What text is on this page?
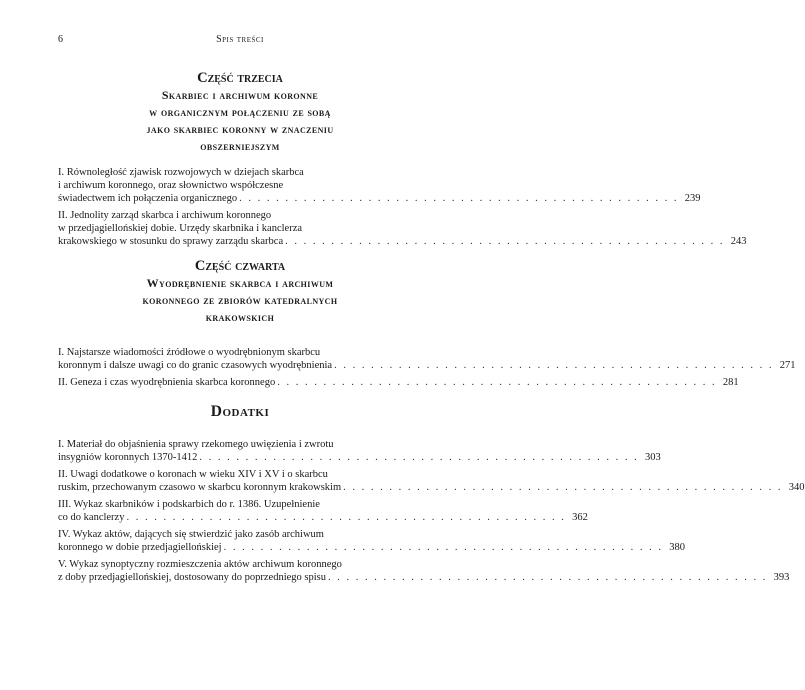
6	Spis treści
Część trzecia
Skarbiec i archiwum koronne
w organicznym połączeniu ze sobą
jako skarbiec koronny w znaczeniu
obszerniejszym
I. Równoległość zjawisk rozwojowych w dziejach skarbca
i archiwum koronnego, oraz słownictwo współczesne
świadectwem ich połączenia organicznego . . . . . . . . . . . . . . . . . . . . . . . . . . . . . . . . . . . . . . . . . . . . . . . . 239
II. Jednolity zarząd skarbca i archiwum koronnego
w przedjagiellońskiej dobie. Urzędy skarbnika i kanclerza
krakowskiego w stosunku do sprawy zarządu skarbca . . . . . . . . . . . . . . . . . . . . . . . . . . . . . . . . . . . . . . . . . . . . . . . . 243
Część czwarta
Wyodrębnienie skarbca i archiwum
koronnego ze zbiorów katedralnych
krakowskich
I. Najstarsze wiadomości źródłowe o wyodrębnionym skarbcu
koronnym i dalsze uwagi co do granic czasowych wyodrębnienia . . . . . . . . . . . . . . . . . . . . . . . . . . . . . . . . . . . . . . . . . . . . . . . . 271
II. Geneza i czas wyodrębnienia skarbca koronnego . . . . . . . . . . . . . . . . . . . . . . . . . . . . . . . . . . . . . . . . . . . . . . . . 281
Dodatki
I. Materiał do objaśnienia sprawy rzekomego uwięzienia i zwrotu
insygniów koronnych 1370-1412 . . . . . . . . . . . . . . . . . . . . . . . . . . . . . . . . . . . . . . . . . . . . . . . . 303
II. Uwagi dodatkowe o koronach w wieku XIV i XV i o skarbcu
ruskim, przechowanym czasowo w skarbcu koronnym krakowskim . . . . . . . . . . . . . . . . . . . . . . . . . . . . . . . . . . . . . . . . . . . . . . . . 340
III. Wykaz skarbników i podskarbich do r. 1386. Uzupełnienie
co do kanclerzy . . . . . . . . . . . . . . . . . . . . . . . . . . . . . . . . . . . . . . . . . . . . . . . . 362
IV. Wykaz aktów, dających się stwierdzić jako zasób archiwum
koronnego w dobie przedjagiellońskiej . . . . . . . . . . . . . . . . . . . . . . . . . . . . . . . . . . . . . . . . . . . . . . . . 380
V. Wykaz synoptyczny rozmieszczenia aktów archiwum koronnego
z doby przedjagiellońskiej, dostosowany do poprzedniego spisu . . . . . . . . . . . . . . . . . . . . . . . . . . . . . . . . . . . . . . . . . . . . . . . . 393
